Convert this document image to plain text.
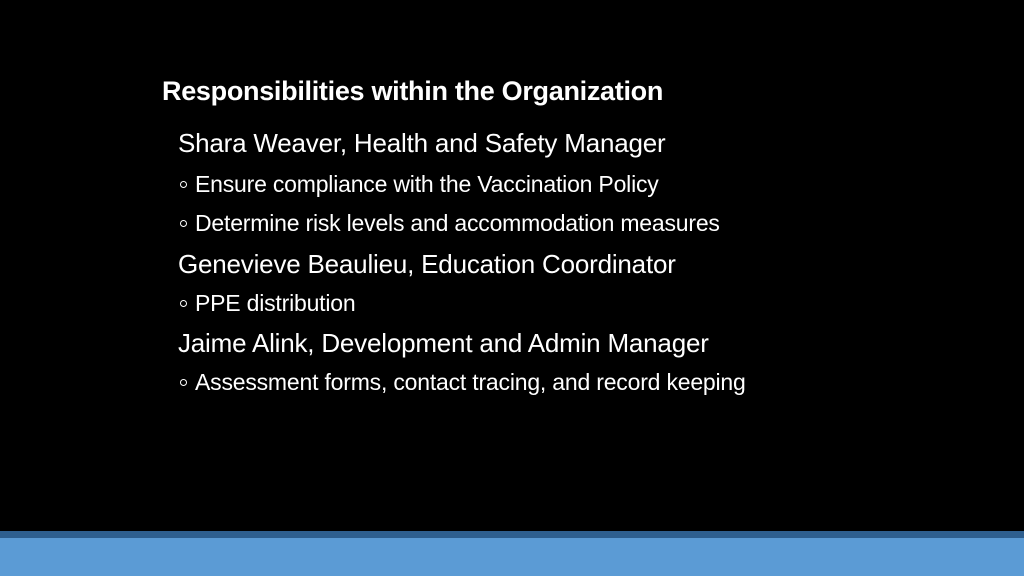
Responsibilities within the Organization
Shara Weaver, Health and Safety Manager
Ensure compliance with the Vaccination Policy
Determine risk levels and accommodation measures
Genevieve Beaulieu, Education Coordinator
PPE distribution
Jaime Alink, Development and Admin Manager
Assessment forms, contact tracing, and record keeping
